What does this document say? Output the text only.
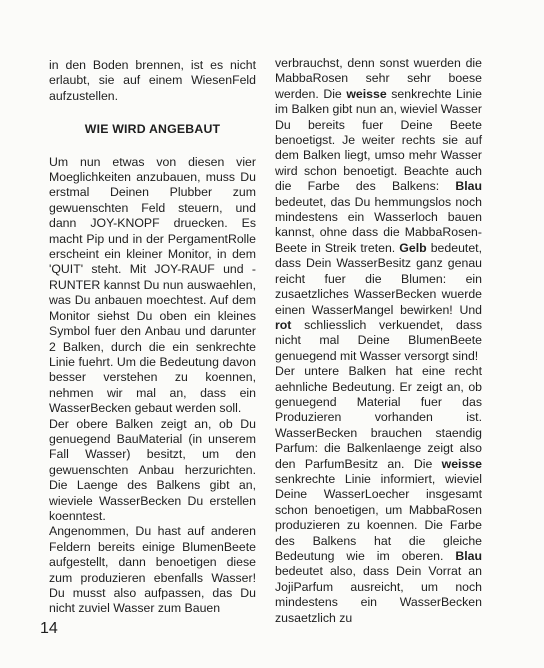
in den Boden brennen, ist es nicht erlaubt, sie auf einem WiesenFeld aufzustellen.

WIE WIRD ANGEBAUT

Um nun etwas von diesen vier Moeglichkeiten anzubauen, muss Du erstmal Deinen Plubber zum gewuenschten Feld steuern, und dann JOY-KNOPF druecken. Es macht Pip und in der PergamentRolle erscheint ein kleiner Monitor, in dem 'QUIT' steht. Mit JOY-RAUF und -RUNTER kannst Du nun auswaehlen, was Du anbauen moechtest. Auf dem Monitor siehst Du oben ein kleines Symbol fuer den Anbau und darunter 2 Balken, durch die ein senkrechte Linie fuehrt. Um die Bedeutung davon besser verstehen zu koennen, nehmen wir mal an, dass ein WasserBecken gebaut werden soll.

Der obere Balken zeigt an, ob Du genuegend BauMaterial (in unserem Fall Wasser) besitzt, um den gewuenschten Anbau herzurichten. Die Laenge des Balkens gibt an, wieviele WasserBecken Du erstellen koenntest.

Angenommen, Du hast auf anderen Feldern bereits einige BlumenBeete aufgestellt, dann benoetigen diese zum produzieren ebenfalls Wasser! Du musst also aufpassen, das Du nicht zuviel Wasser zum Bauen

verbrauchst, denn sonst wuerden die MabbaRosen sehr sehr boese werden. Die weisse senkrechte Linie im Balken gibt nun an, wieviel Wasser Du bereits fuer Deine Beete benoetigst. Je weiter rechts sie auf dem Balken liegt, umso mehr Wasser wird schon benoetigt. Beachte auch die Farbe des Balkens: Blau bedeutet, das Du hemmungslos noch mindestens ein Wasserloch bauen kannst, ohne dass die MabbaRosen-Beete in Streik treten. Gelb bedeutet, dass Dein WasserBesitz ganz genau reicht fuer die Blumen: ein zusaetzliches WasserBecken wuerde einen WasserMangel bewirken! Und rot schliesslich verkuendet, dass nicht mal Deine BlumenBeete genuegend mit Wasser versorgt sind!

Der untere Balken hat eine recht aehnliche Bedeutung. Er zeigt an, ob genuegend Material fuer das Produzieren vorhanden ist. WasserBecken brauchen staendig Parfum: die Balkenlaenge zeigt also den ParfumBesitz an. Die weisse senkrechte Linie informiert, wieviel Deine WasserLoecher insgesamt schon benoetigen, um MabbaRosen produzieren zu koennen. Die Farbe des Balkens hat die gleiche Bedeutung wie im oberen. Blau bedeutet also, dass Dein Vorrat an JojiParfum ausreicht, um noch mindestens ein WasserBecken zusaetzlich zu

14
